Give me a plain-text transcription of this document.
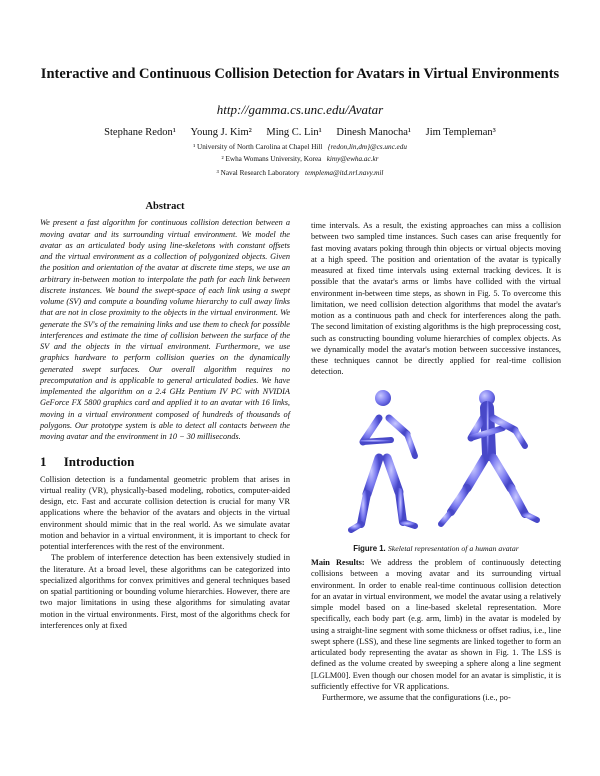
Interactive and Continuous Collision Detection for Avatars in Virtual Environments
http://gamma.cs.unc.edu/Avatar
Stephane Redon¹ Young J. Kim² Ming C. Lin¹ Dinesh Manocha¹ Jim Templeman³
¹ University of North Carolina at Chapel Hill {redon,lin,dm}@cs.unc.edu
² Ewha Womans University, Korea kimy@ewha.ac.kr
³ Naval Research Laboratory templema@itd.nrl.navy.mil
Abstract

We present a fast algorithm for continuous collision detection between a moving avatar and its surrounding virtual environment. We model the avatar as an articulated body using line-skeletons with constant offsets and the virtual environment as a collection of polygonized objects. Given the position and orientation of the avatar at discrete time steps, we use an arbitrary in-between motion to interpolate the path for each link between discrete instances. We bound the swept-space of each link using a swept volume (SV) and compute a bounding volume hierarchy to cull away links that are not in close proximity to the objects in the virtual environment. We generate the SV's of the remaining links and use them to check for possible interferences and estimate the time of collision between the surface of the SV and the objects in the virtual environment. Furthermore, we use graphics hardware to perform collision queries on the dynamically generated swept surfaces. Our overall algorithm requires no precomputation and is applicable to general articulated bodies. We have implemented the algorithm on a 2.4 GHz Pentium IV PC with NVIDIA GeForce FX 5800 graphics card and applied it to an avatar with 16 links, moving in a virtual environment composed of hundreds of thousands of polygons. Our prototype system is able to detect all contacts between the moving avatar and the environment in 10 − 30 milliseconds.

1 Introduction

Collision detection is a fundamental geometric problem that arises in virtual reality (VR), physically-based modeling, robotics, computer-aided design, etc. Fast and accurate collision detection is crucial for many VR applications where the behavior of the avatars and objects in the virtual environment should mimic that in the real world. As we simulate avatar motion and behavior in a virtual environment, it is important to check for potential interferences with the rest of the environment.

The problem of interference detection has been extensively studied in the literature. At a broad level, these algorithms can be categorized into specialized algorithms for convex primitives and general techniques based on spatial partitioning or bounding volume hierarchies. However, there are two major limitations in using these algorithms for simulating avatar motion in the virtual environments. First, most of the algorithms check for interferences only at fixed

time intervals. As a result, the existing approaches can miss a collision between two sampled time instances. Such cases can arise frequently for fast moving avatars poking through thin objects or virtual objects moving at a high speed. The position and orientation of the avatar is typically measured at fixed time intervals using external tracking devices. It is possible that the avatar's arms or limbs have collided with the virtual environment in-between time steps, as shown in Fig. 5. To overcome this limitation, we need collision detection algorithms that model the avatar's motion as a continuous path and check for interferences along the path. The second limitation of existing algorithms is the high preprocessing cost, such as constructing bounding volume hierarchies of complex objects. As we dynamically model the avatar's motion between successive instances, these techniques cannot be directly applied for real-time collision detection.

Figure 1. Skeletal representation of a human avatar

Main Results: We address the problem of continuously detecting collisions between a moving avatar and its surrounding virtual environment. In order to enable real-time continuous collision detection for an avatar in virtual environment, we model the avatar using a relatively simple model based on a line-based skeletal representation. More specifically, each body part (e.g. arm, limb) in the avatar is modeled by using a straight-line segment with some thickness or offset radius, i.e., line swept sphere (LSS), and these line segments are linked together to form an articulated body representing the avatar as shown in Fig. 1. The LSS is defined as the volume created by sweeping a sphere along a line segment [LGLM00]. Even though our chosen model for an avatar is simplistic, it is sufficiently effective for VR applications.

Furthermore, we assume that the configurations (i.e., po-
